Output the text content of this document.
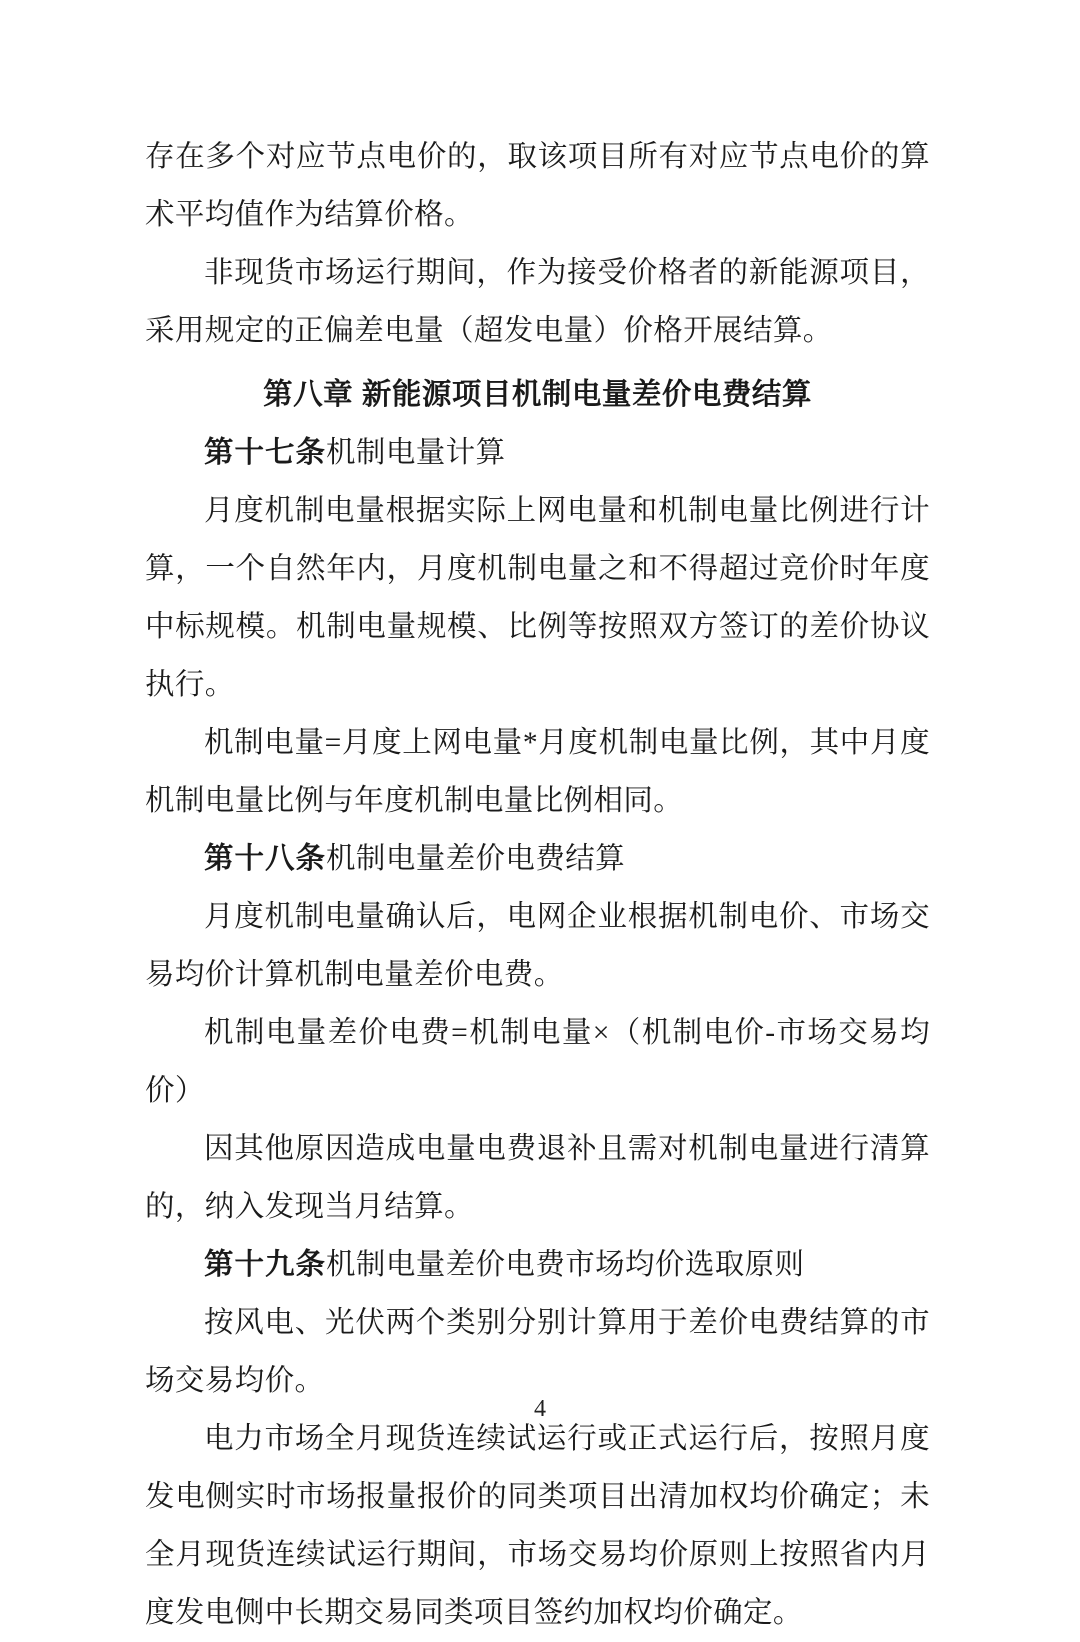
存在多个对应节点电价的，取该项目所有对应节点电价的算术平均值作为结算价格。

非现货市场运行期间，作为接受价格者的新能源项目，采用规定的正偏差电量（超发电量）价格开展结算。

第八章 新能源项目机制电量差价电费结算

第十七条机制电量计算

月度机制电量根据实际上网电量和机制电量比例进行计算，一个自然年内，月度机制电量之和不得超过竞价时年度中标规模。机制电量规模、比例等按照双方签订的差价协议执行。

机制电量=月度上网电量*月度机制电量比例，其中月度机制电量比例与年度机制电量比例相同。

第十八条机制电量差价电费结算

月度机制电量确认后，电网企业根据机制电价、市场交易均价计算机制电量差价电费。

机制电量差价电费=机制电量×（机制电价-市场交易均价）

因其他原因造成电量电费退补且需对机制电量进行清算的，纳入发现当月结算。

第十九条机制电量差价电费市场均价选取原则

按风电、光伏两个类别分别计算用于差价电费结算的市场交易均价。

电力市场全月现货连续试运行或正式运行后，按照月度发电侧实时市场报量报价的同类项目出清加权均价确定；未全月现货连续试运行期间，市场交易均价原则上按照省内月度发电侧中长期交易同类项目签约加权均价确定。

4
